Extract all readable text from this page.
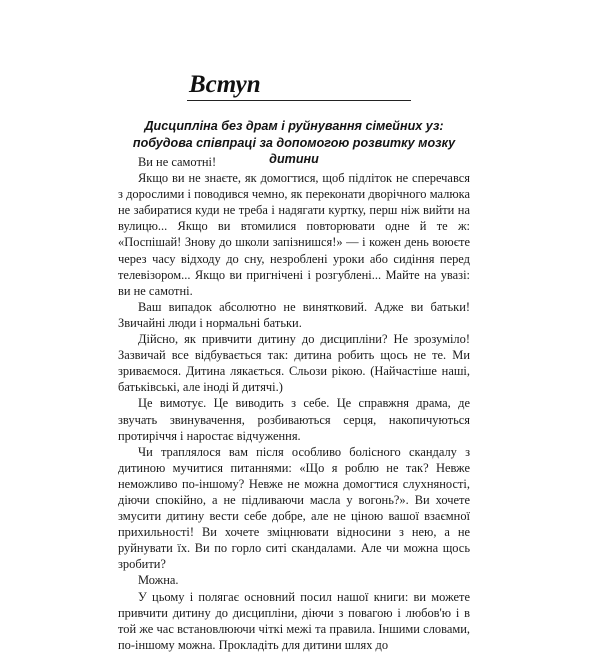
Вступ
Дисципліна без драм і руйнування сімейних уз: побудова співпраці за допомогою розвитку мозку дитини

Ви не самотні!

Якщо ви не знаєте, як домогтися, щоб підліток не сперечався з дорослими і поводився чемно, як переконати дворічного малюка не забиратися куди не треба і надягати куртку, перш ніж вийти на вулицю... Якщо ви втомилися повторювати одне й те ж: «Поспішай! Знову до школи запізнишся!» — і кожен день воюєте через часу відходу до сну, незроблені уроки або сидіння перед телевізором... Якщо ви пригнічені і розгублені... Майте на увазі: ви не самотні.

Ваш випадок абсолютно не винятковий. Адже ви батьки! Звичайні люди і нормальні батьки.

Дійсно, як привчити дитину до дисципліни? Не зрозуміло! Зазвичай все відбувається так: дитина робить щось не те. Ми зриваємося. Дитина лякається. Сльози рікою. (Найчастіше наші, батьківські, але іноді й дитячі.)

Це вимотує. Це виводить з себе. Це справжня драма, де звучать звинувачення, розбиваються серця, накопичуються протиріччя і наростає відчуження.

Чи траплялося вам після особливо болісного скандалу з дитиною мучитися питаннями: «Що я роблю не так? Невже неможливо по-іншому? Невже не можна домогтися слухняності, діючи спокійно, а не підливаючи масла у вогонь?». Ви хочете змусити дитину вести себе добре, але не ціною вашої взаємної прихильності! Ви хочете зміцнювати відносини з нею, а не руйнувати їх. Ви по горло ситі скандалами. Але чи можна щось зробити?

Можна.

У цьому і полягає основний посил нашої книги: ви можете привчити дитину до дисципліни, діючи з повагою і любов'ю і в той же час встановлюючи чіткі межі та правила. Іншими словами, по-іншому можна. Прокладіть для дитини шлях до
